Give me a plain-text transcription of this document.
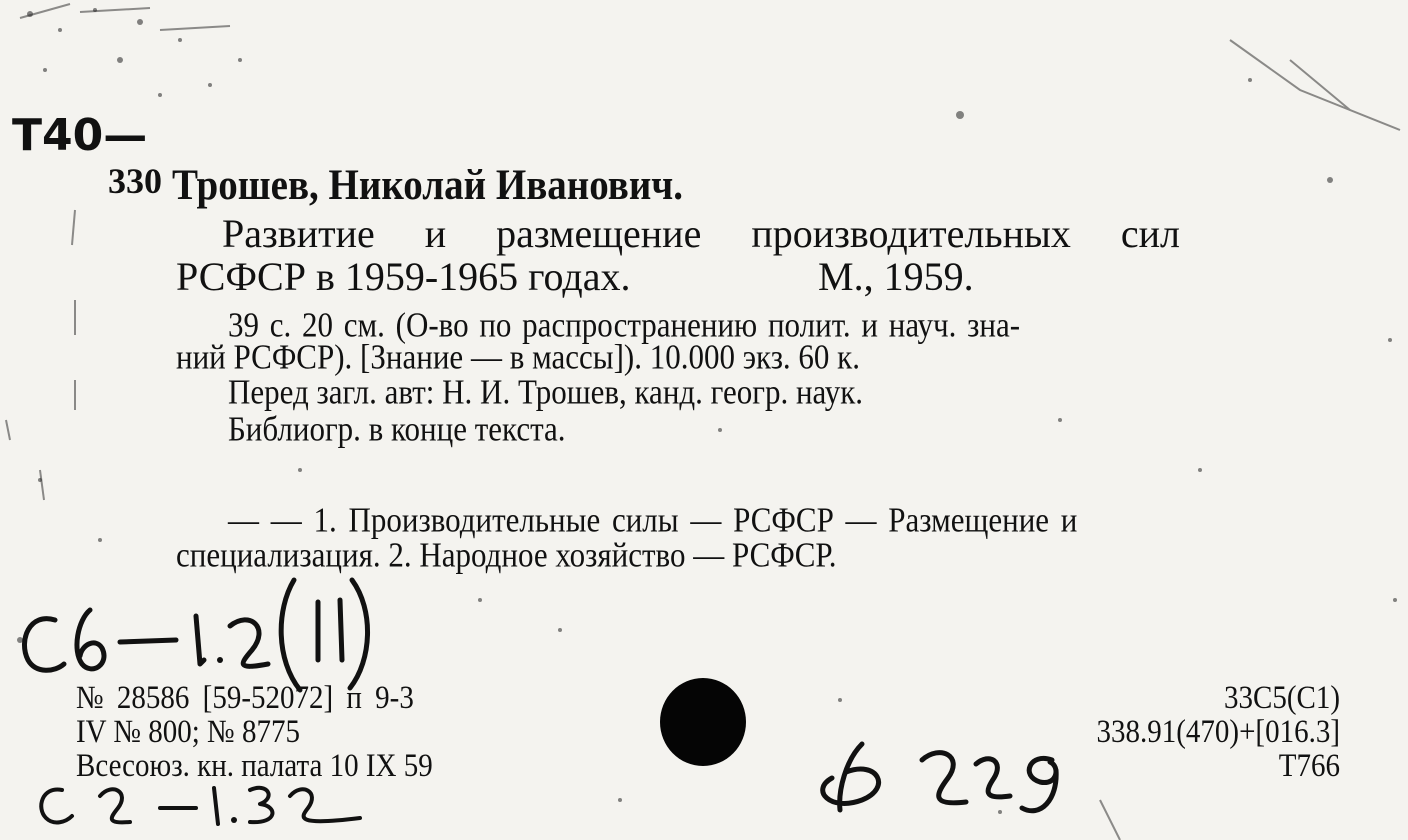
Т40—
330 Трошев, Николай Иванович.
Развитие и размещение производительных сил
РСФСР в 1959-1965 годах.	М., 1959.
39 с. 20 см. (О-во по распространению полит. и науч. зна-
ний РСФСР). [Знание — в массы]). 10.000 экз. 60 к.
Перед загл. авт: Н. И. Трошев, канд. геогр. наук.
Библиогр. в конце текста.
— — 1. Производительные силы — РСФСР — Размещение и
специализация. 2. Народное хозяйство — РСФСР.
№ 28586 [59-52072] п 9-3
IV № 800; № 8775
Всесоюз. кн. палата 10 IX 59
33С5(С1)
338.91(470)+[016.3]
Т766
